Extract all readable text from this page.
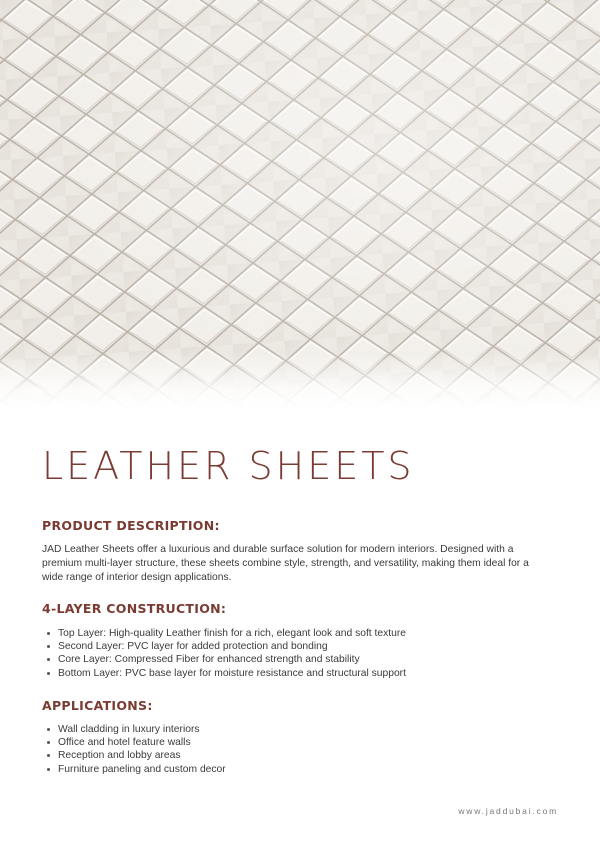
LEATHER SHEETS
PRODUCT DESCRIPTION:

JAD Leather Sheets offer a luxurious and durable surface solution for modern interiors. Designed with a premium multi-layer structure, these sheets combine style, strength, and versatility, making them ideal for a wide range of interior design applications.

4-LAYER CONSTRUCTION:
Top Layer: High-quality Leather finish for a rich, elegant look and soft texture
Second Layer: PVC layer for added protection and bonding
Core Layer: Compressed Fiber for enhanced strength and stability
Bottom Layer: PVC base layer for moisture resistance and structural support
APPLICATIONS:
Wall cladding in luxury interiors
Office and hotel feature walls
Reception and lobby areas
Furniture paneling and custom decor

www.jaddubai.com
